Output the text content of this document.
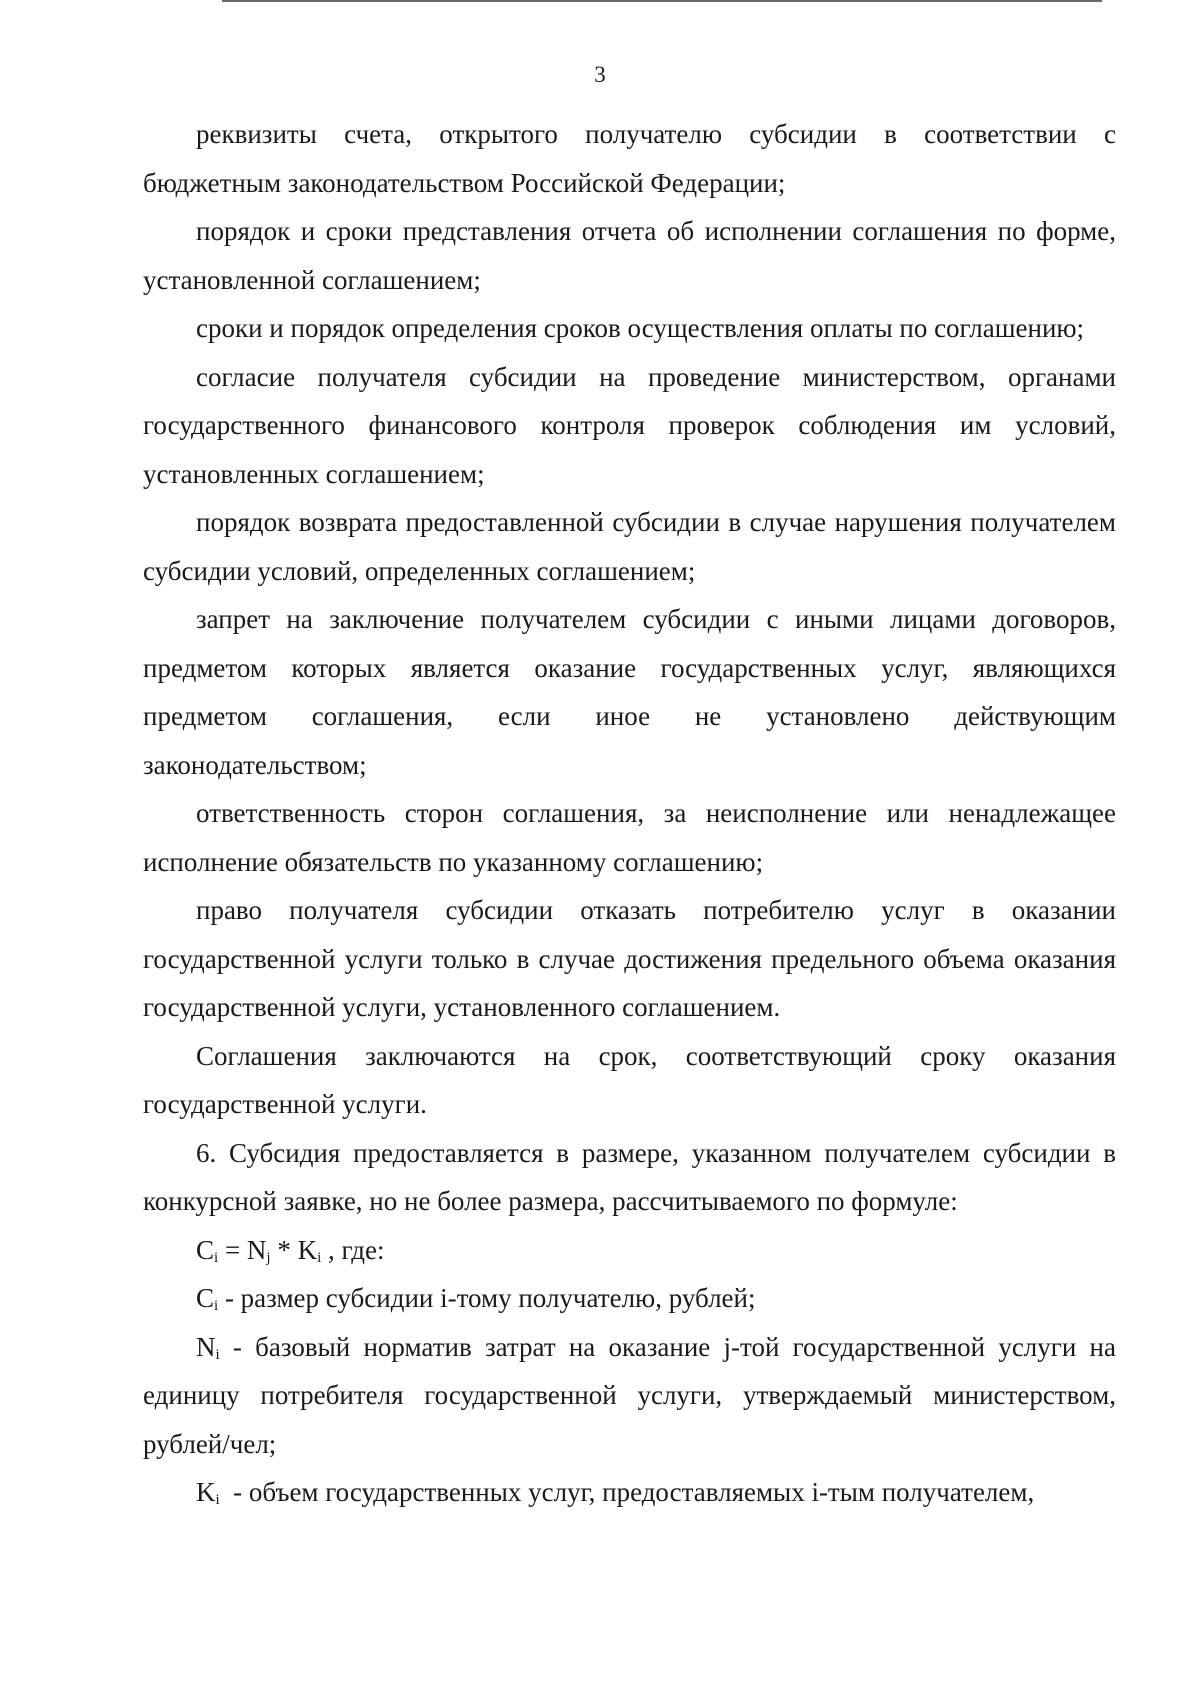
3

реквизиты счета, открытого получателю субсидии в соответствии с бюджетным законодательством Российской Федерации;

порядок и сроки представления отчета об исполнении соглашения по форме, установленной соглашением;

сроки и порядок определения сроков осуществления оплаты по соглашению;

согласие получателя субсидии на проведение министерством, органами государственного финансового контроля проверок соблюдения им условий, установленных соглашением;

порядок возврата предоставленной субсидии в случае нарушения получателем субсидии условий, определенных соглашением;

запрет на заключение получателем субсидии с иными лицами договоров, предметом которых является оказание государственных услуг, являющихся предметом соглашения, если иное не установлено действующим законодательством;

ответственность сторон соглашения, за неисполнение или ненадлежащее исполнение обязательств по указанному соглашению;

право получателя субсидии отказать потребителю услуг в оказании государственной услуги только в случае достижения предельного объема оказания государственной услуги, установленного соглашением.

Соглашения заключаются на срок, соответствующий сроку оказания государственной услуги.

6. Субсидия предоставляется в размере, указанном получателем субсидии в конкурсной заявке, но не более размера, рассчитываемого по формуле:

$C_i = N_j * K_i$ , где:

$C_i$ - размер субсидии i-тому получателю, рублей;

$N_i$ - базовый норматив затрат на оказание j-той государственной услуги на единицу потребителя государственной услуги, утверждаемый министерством, рублей/чел;

$K_i$  - объем государственных услуг, предоставляемых i-тым получателем,
